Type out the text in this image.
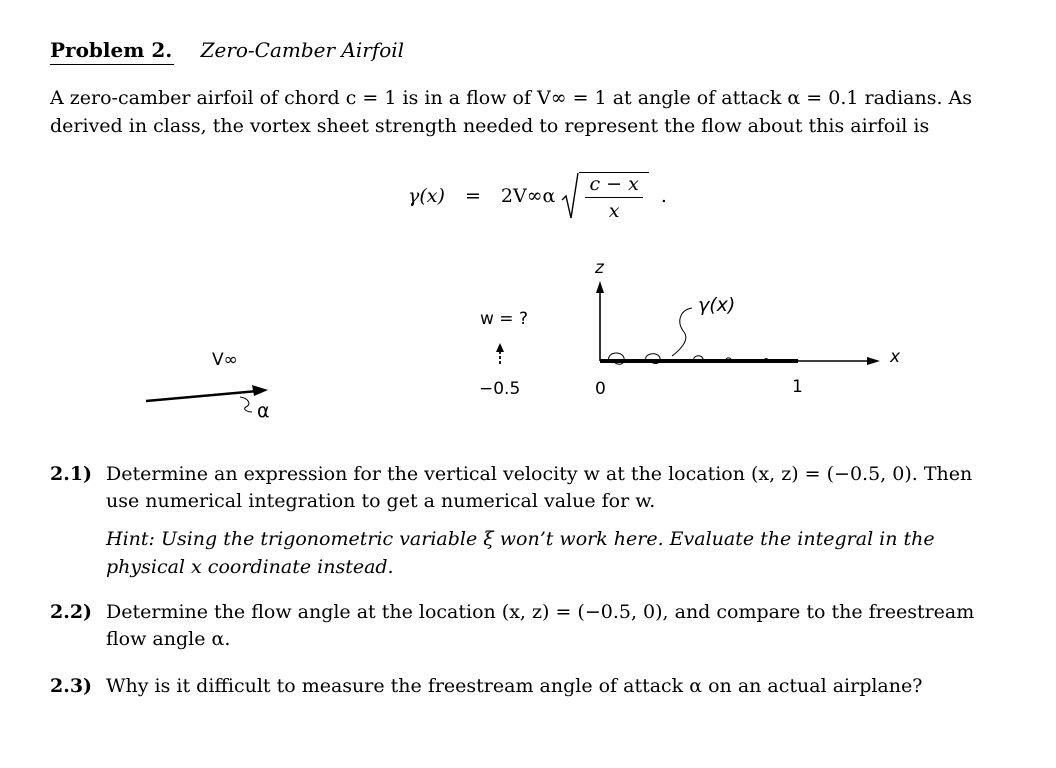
Problem 2. Zero-Camber Airfoil
A zero-camber airfoil of chord c = 1 is in a flow of V∞ = 1 at angle of attack α = 0.1 radians. As derived in class, the vortex sheet strength needed to represent the flow about this airfoil is
$\gamma(x) = 2V\infty\alpha \frac{c - x}{x}$ .
V∞
α
w = ?
−0.5
z
x
0	1
γ(x)
2.1) Determine an expression for the vertical velocity w at the location (x, z) = (−0.5, 0). Then use numerical integration to get a numerical value for w.
Hint: Using the trigonometric variable ξ won’t work here. Evaluate the integral in the physical x coordinate instead.
2.2) Determine the flow angle at the location (x, z) = (−0.5, 0), and compare to the freestream flow angle α.
2.3) Why is it difficult to measure the freestream angle of attack α on an actual airplane?
